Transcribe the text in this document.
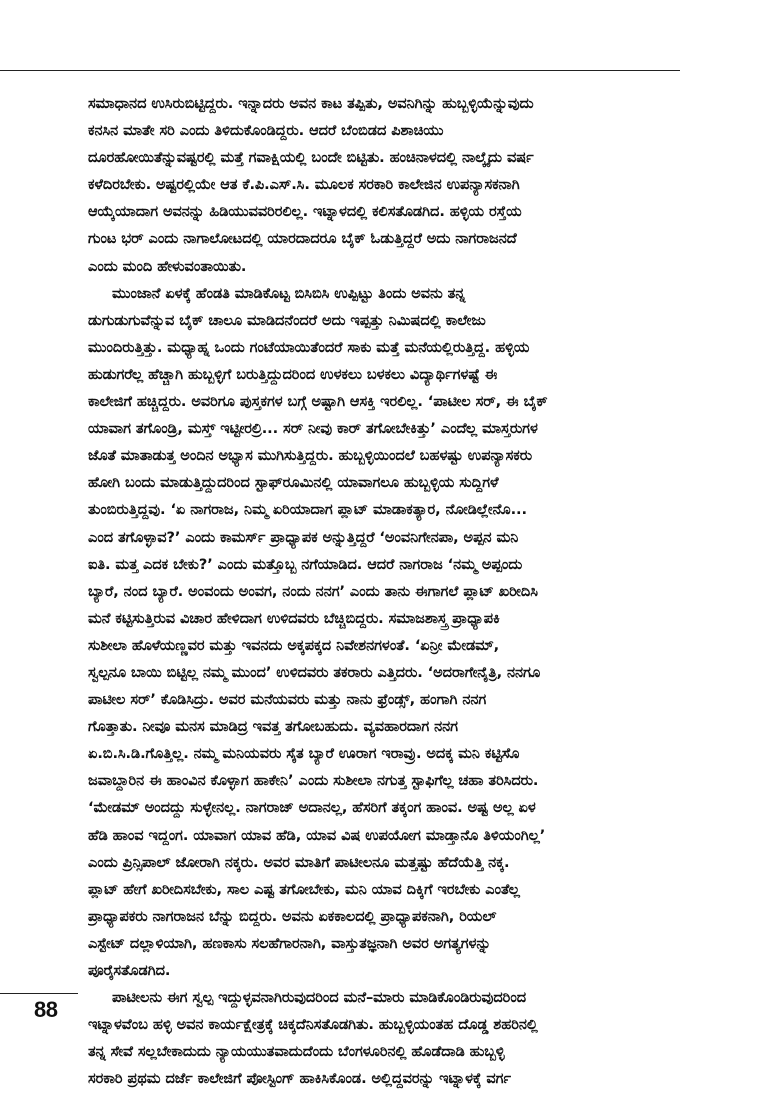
ಸಮಾಧಾನದ ಉಸಿರುಬಿಟ್ಟಿದ್ದರು. ಇನ್ನಾದರು ಅವನ ಕಾಟ ತಪ್ಪಿತು, ಅವನಿಗಿನ್ನು ಹುಬ್ಬಳ್ಳಿಯೆನ್ನುವುದು
ಕನಸಿನ ಮಾತೇ ಸರಿ ಎಂದು ತಿಳಿದುಕೊಂಡಿದ್ದರು. ಆದರೆ ಬೆಂಬಿಡದ ಪಿಶಾಚಿಯು
ದೂರಹೋಯಿತೆನ್ನುವಷ್ಟರಲ್ಲಿ ಮತ್ತೆ ಗವಾಕ್ಷಿಯಲ್ಲಿ ಬಂದೇ ಬಿಟ್ಟಿತು. ಹಂಚಿನಾಳದಲ್ಲಿ ನಾಲ್ಕೈದು ವರ್ಷ
ಕಳೆದಿರಬೇಕು. ಅಷ್ಟರಲ್ಲಿಯೇ ಆತ ಕೆ.ಪಿ.ಎಸ್.ಸಿ. ಮೂಲಕ ಸರಕಾರಿ ಕಾಲೇಜಿನ ಉಪನ್ಯಾಸಕನಾಗಿ
ಆಯ್ಕೆಯಾದಾಗ ಅವನನ್ನು ಹಿಡಿಯುವವರಿರಲಿಲ್ಲ. ಇಟ್ನಾಳದಲ್ಲಿ ಕಲಿಸತೊಡಗಿದ. ಹಳ್ಳಿಯ ರಸ್ತೆಯ
ಗುಂಟ ಭರ್ ಎಂದು ನಾಗಾಲೋಟದಲ್ಲಿ ಯಾರದಾದರೂ ಬೈಕ್ ಓಡುತ್ತಿದ್ದರೆ ಅದು ನಾಗರಾಜನದೆ
ಎಂದು ಮಂದಿ ಹೇಳುವಂತಾಯಿತು.
ಮುಂಜಾನೆ ಏಳಕ್ಕೆ ಹೆಂಡತಿ ಮಾಡಿಕೊಟ್ಟ ಬಿಸಿಬಿಸಿ ಉಪ್ಪಿಟ್ಟು ತಿಂದು ಅವನು ತನ್ನ
ಡುಗುಡುಗುವೆನ್ನುವ ಬೈಕ್ ಚಾಲೂ ಮಾಡಿದನೆಂದರೆ ಅದು ಇಪ್ಪತ್ತು ನಿಮಿಷದಲ್ಲಿ ಕಾಲೇಜು
ಮುಂದಿರುತ್ತಿತ್ತು. ಮಧ್ಯಾಹ್ನ ಒಂದು ಗಂಟೆಯಾಯಿತೆಂದರೆ ಸಾಕು ಮತ್ತೆ ಮನೆಯಲ್ಲಿರುತ್ತಿದ್ದ. ಹಳ್ಳಿಯ
ಹುಡುಗರೆಲ್ಲ ಹೆಚ್ಚಾಗಿ ಹುಬ್ಬಳ್ಳಿಗೆ ಬರುತ್ತಿದ್ದುದರಿಂದ ಉಳಕಲು ಬಳಕಲು ವಿದ್ಯಾರ್ಥಿಗಳಷ್ಟೆ ಈ
ಕಾಲೇಜಿಗೆ ಹಚ್ಚಿದ್ದರು. ಅವರಿಗೂ ಪುಸ್ತಕಗಳ ಬಗ್ಗೆ ಅಷ್ಟಾಗಿ ಆಸಕ್ತಿ ಇರಲಿಲ್ಲ. ‘ಪಾಟೀಲ ಸರ್, ಈ ಬೈಕ್
ಯಾವಾಗ ತಗೊಂಡ್ರಿ, ಮಸ್ತ್ ಇಟ್ಟೀರಲ್ರಿ... ಸರ್ ನೀವು ಕಾರ್ ತಗೋಬೇಕಿತ್ತು’ ಎಂದೆಲ್ಲ ಮಾಸ್ತರುಗಳ
ಜೊತೆ ಮಾತಾಡುತ್ತ ಅಂದಿನ ಅಭ್ಯಾಸ ಮುಗಿಸುತ್ತಿದ್ದರು. ಹುಬ್ಬಳ್ಳಿಯಿಂದಲೆ ಬಹಳಷ್ಟು ಉಪನ್ಯಾಸಕರು
ಹೋಗಿ ಬಂದು ಮಾಡುತ್ತಿದ್ದುದರಿಂದ ಸ್ಟಾಫ್‌ರೂಮಿನಲ್ಲಿ ಯಾವಾಗಲೂ ಹುಬ್ಬಳ್ಳಿಯ ಸುದ್ದಿಗಳೆ
ತುಂಬಿರುತ್ತಿದ್ದವು. ‘ಏ ನಾಗರಾಜ, ನಿಮ್ಮ ಏರಿಯಾದಾಗ ಪ್ಲಾಟ್ ಮಾಡಾಕತ್ಯಾರ, ನೋಡಿಲ್ಲೇನೊ...
ಎಂದ ತಗೊಳ್ಳಾವ?’ ಎಂದು ಕಾಮರ್ಸ್ ಪ್ರಾಧ್ಯಾಪಕ ಅನ್ನುತ್ತಿದ್ದರೆ ‘ಅಂವನಿಗೇನಪಾ, ಅಪ್ಪನ ಮನಿ
ಐತಿ. ಮತ್ತ ಎದಕ ಬೇಕು?’ ಎಂದು ಮತ್ತೊಬ್ಬ ನಗೆಯಾಡಿದ. ಆದರೆ ನಾಗರಾಜ ‘ನಮ್ಮ ಅಪ್ಪಂದು
ಬ್ಯಾರೆ, ನಂದ ಬ್ಯಾರೆ. ಅಂವಂದು ಅಂವಗ, ನಂದು ನನಗ’ ಎಂದು ತಾನು ಈಗಾಗಲೆ ಪ್ಲಾಟ್ ಖರೀದಿಸಿ
ಮನೆ ಕಟ್ಟಿಸುತ್ತಿರುವ ವಿಚಾರ ಹೇಳಿದಾಗ ಉಳಿದವರು ಬೆಚ್ಚಿಬಿದ್ದರು. ಸಮಾಜಶಾಸ್ತ್ರ ಪ್ರಾಧ್ಯಾಪಕಿ
ಸುಶೀಲಾ ಹೊಳೆಯಣ್ಣವರ ಮತ್ತು ಇವನದು ಅಕ್ಕಪಕ್ಕದ ನಿವೇಶನಗಳಂತೆ. ‘ಏನ್ರೀ ಮೇಡಮ್,
ಸ್ವಲ್ಪನೂ ಬಾಯಿ ಬಿಟ್ಟಿಲ್ಲ ನಮ್ಮ ಮುಂದ’ ಉಳಿದವರು ತಕರಾರು ಎತ್ತಿದರು. ‘ಅದರಾಗೇನೈತ್ರಿ, ನನಗೂ
ಪಾಟೀಲ ಸರ್’ ಕೊಡಿಸಿದ್ರು. ಅವರ ಮನೆಯವರು ಮತ್ತು ನಾನು ಫ್ರೆಂಡ್ಸ್, ಹಂಗಾಗಿ ನನಗ
ಗೊತ್ತಾತು. ನೀವೂ ಮನಸ ಮಾಡಿದ್ರ ಇವತ್ತ ತಗೋಬಹುದು. ವ್ಯವಹಾರದಾಗ ನನಗ
ಏ.ಬಿ.ಸಿ.ಡಿ.ಗೊತ್ತಿಲ್ಲ. ನಮ್ಮ ಮನಿಯವರು ಸೈತ ಬ್ಯಾರೆ ಊರಾಗ ಇರಾವ್ರು. ಅದಕ್ಕ ಮನಿ ಕಟ್ಟಿಸೊ
ಜವಾಬ್ದಾರಿನ ಈ ಹಾಂವಿನ ಕೊಳ್ಳಾಗ ಹಾಕೇನಿ’ ಎಂದು ಸುಶೀಲಾ ನಗುತ್ತ ಸ್ಟಾಫಿಗೆಲ್ಲ ಚಹಾ ತರಿಸಿದರು.
‘ಮೇಡಮ್ ಅಂದದ್ದು ಸುಳ್ಳೇನಲ್ಲ. ನಾಗರಾಜ್ ಅದಾನಲ್ಲ, ಹೆಸರಿಗೆ ತಕ್ಕಂಗ ಹಾಂವ. ಅಷ್ಟ ಅಲ್ಲ ಏಳ
ಹೆಡಿ ಹಾಂವ ಇದ್ದಂಗ. ಯಾವಾಗ ಯಾವ ಹೆಡಿ, ಯಾವ ವಿಷ ಉಪಯೋಗ ಮಾಡ್ತಾನೊ ತಿಳಿಯಂಗಿಲ್ಲ’
ಎಂದು ಪ್ರಿನ್ಸಿಪಾಲ್ ಜೋರಾಗಿ ನಕ್ಕರು. ಅವರ ಮಾತಿಗೆ ಪಾಟೀಲನೂ ಮತ್ತಷ್ಟು ಹೆದೆಯೆತ್ತಿ ನಕ್ಕ.
ಪ್ಲಾಟ್ ಹೇಗೆ ಖರೀದಿಸಬೇಕು, ಸಾಲ ಎಷ್ಟ ತಗೋಬೇಕು, ಮನಿ ಯಾವ ದಿಕ್ಕಿಗೆ ಇರಬೇಕು ಎಂತೆಲ್ಲ
ಪ್ರಾಧ್ಯಾಪಕರು ನಾಗರಾಜನ ಬೆನ್ನು ಬಿದ್ದರು. ಅವನು ಏಕಕಾಲದಲ್ಲಿ ಪ್ರಾಧ್ಯಾಪಕನಾಗಿ, ರಿಯಲ್
ಎಸ್ಟೇಟ್ ದಲ್ಲಾಳಿಯಾಗಿ, ಹಣಕಾಸು ಸಲಹೆಗಾರನಾಗಿ, ವಾಸ್ತುತಜ್ಞನಾಗಿ ಅವರ ಅಗತ್ಯಗಳನ್ನು
ಪೂರೈಸತೊಡಗಿದ.
ಪಾಟೀಲನು ಈಗ ಸ್ವಲ್ಪ ಇದ್ದುಳ್ಳವನಾಗಿರುವುದರಿಂದ ಮನೆ–ಮಾರು ಮಾಡಿಕೊಂಡಿರುವುದರಿಂದ
ಇಟ್ನಾಳವೆಂಬ ಹಳ್ಳಿ ಅವನ ಕಾರ್ಯಕ್ಷೇತ್ರಕ್ಕೆ ಚಿಕ್ಕದೆನಿಸತೊಡಗಿತು. ಹುಬ್ಬಳ್ಳಿಯಂತಹ ದೊಡ್ಡ ಶಹರಿನಲ್ಲಿ
ತನ್ನ ಸೇವೆ ಸಲ್ಲಬೇಕಾದುದು ನ್ಯಾಯಯುತವಾದುದೆಂದು ಬೆಂಗಳೂರಿನಲ್ಲಿ ಹೊಡೆದಾಡಿ ಹುಬ್ಬಳ್ಳಿ
ಸರಕಾರಿ ಪ್ರಥಮ ದರ್ಜೆ ಕಾಲೇಜಿಗೆ ಪೋಸ್ಟಿಂಗ್ ಹಾಕಿಸಿಕೊಂಡ. ಅಲ್ಲಿದ್ದವರನ್ನು ಇಟ್ನಾಳಕ್ಕೆ ವರ್ಗ
88
